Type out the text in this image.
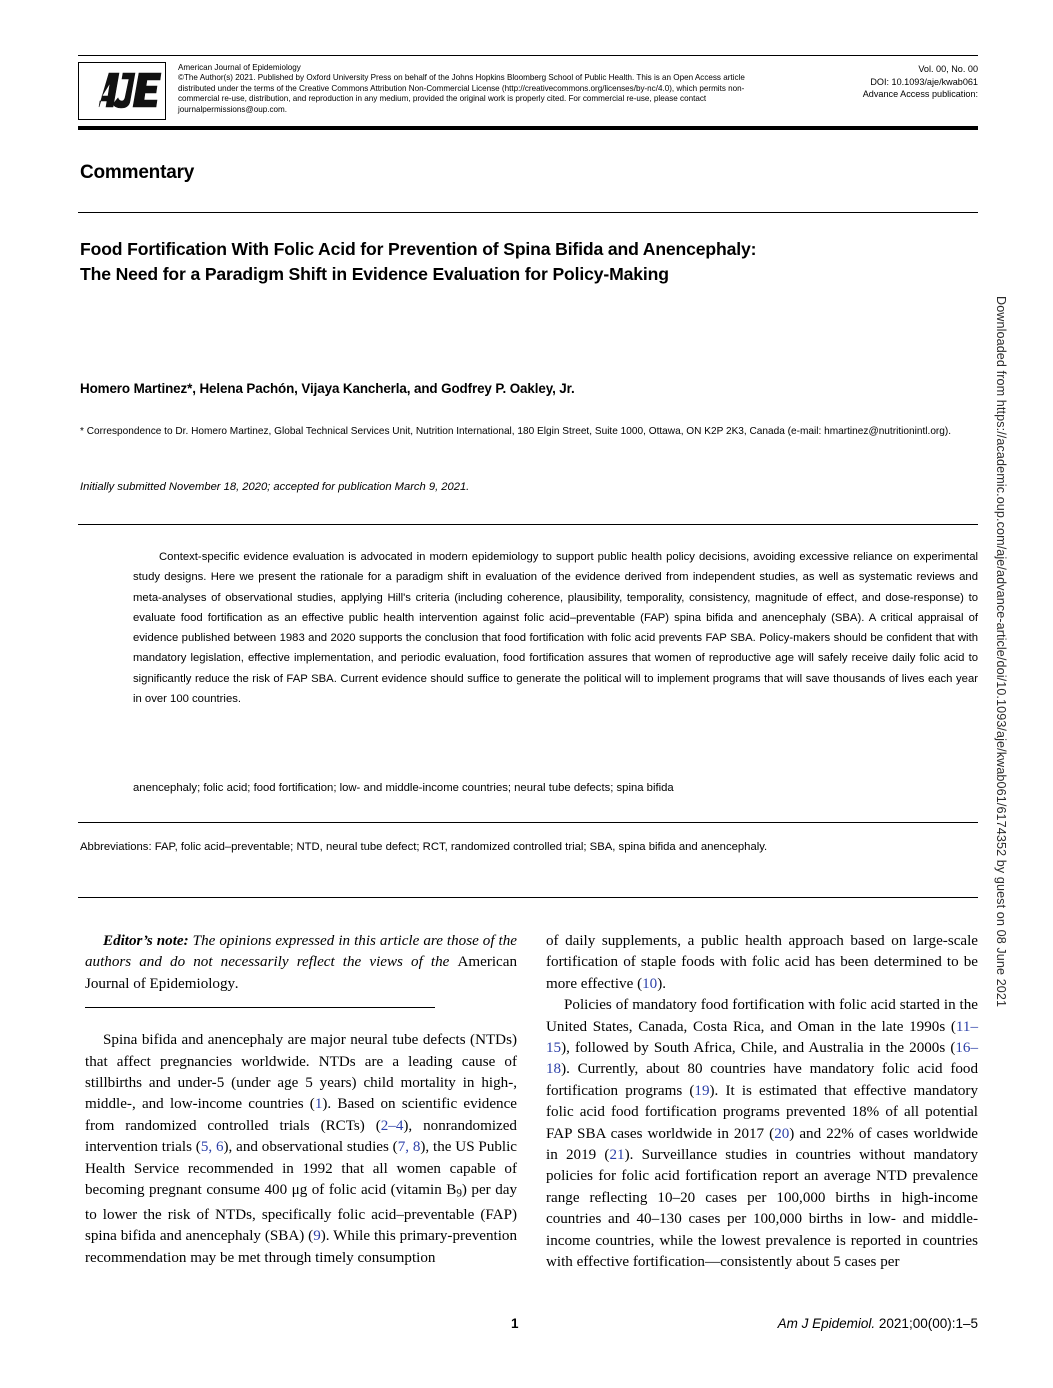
American Journal of Epidemiology
©The Author(s) 2021. Published by Oxford University Press on behalf of the Johns Hopkins Bloomberg School of Public Health. This is an Open Access article distributed under the terms of the Creative Commons Attribution Non-Commercial License (http://creativecommons.org/licenses/by-nc/4.0), which permits non-commercial re-use, distribution, and reproduction in any medium, provided the original work is properly cited. For commercial re-use, please contact journalpermissions@oup.com.
Vol. 00, No. 00
DOI: 10.1093/aje/kwab061
Advance Access publication:
Commentary
Food Fortification With Folic Acid for Prevention of Spina Bifida and Anencephaly: The Need for a Paradigm Shift in Evidence Evaluation for Policy-Making
Homero Martinez*, Helena Pachón, Vijaya Kancherla, and Godfrey P. Oakley, Jr.
* Correspondence to Dr. Homero Martinez, Global Technical Services Unit, Nutrition International, 180 Elgin Street, Suite 1000, Ottawa, ON K2P 2K3, Canada (e-mail: hmartinez@nutritionintl.org).
Initially submitted November 18, 2020; accepted for publication March 9, 2021.

Context-specific evidence evaluation is advocated in modern epidemiology to support public health policy decisions, avoiding excessive reliance on experimental study designs. Here we present the rationale for a paradigm shift in evaluation of the evidence derived from independent studies, as well as systematic reviews and meta-analyses of observational studies, applying Hill's criteria (including coherence, plausibility, temporality, consistency, magnitude of effect, and dose-response) to evaluate food fortification as an effective public health intervention against folic acid–preventable (FAP) spina bifida and anencephaly (SBA). A critical appraisal of evidence published between 1983 and 2020 supports the conclusion that food fortification with folic acid prevents FAP SBA. Policy-makers should be confident that with mandatory legislation, effective implementation, and periodic evaluation, food fortification assures that women of reproductive age will safely receive daily folic acid to significantly reduce the risk of FAP SBA. Current evidence should suffice to generate the political will to implement programs that will save thousands of lives each year in over 100 countries.

anencephaly; folic acid; food fortification; low- and middle-income countries; neural tube defects; spina bifida
Abbreviations: FAP, folic acid–preventable; NTD, neural tube defect; RCT, randomized controlled trial; SBA, spina bifida and anencephaly.

Editor’s note: The opinions expressed in this article are those of the authors and do not necessarily reflect the views of the American Journal of Epidemiology.

Spina bifida and anencephaly are major neural tube defects (NTDs) that affect pregnancies worldwide. NTDs are a leading cause of stillbirths and under-5 (under age 5 years) child mortality in high-, middle-, and low-income countries (1). Based on scientific evidence from randomized controlled trials (RCTs) (2–4), nonrandomized intervention trials (5, 6), and observational studies (7, 8), the US Public Health Service recommended in 1992 that all women capable of becoming pregnant consume 400 μg of folic acid (vitamin $B_9$) per day to lower the risk of NTDs, specifically folic acid–preventable (FAP) spina bifida and anencephaly (SBA) (9). While this primary-prevention recommendation may be met through timely consumption

of daily supplements, a public health approach based on large-scale fortification of staple foods with folic acid has been determined to be more effective (10).

Policies of mandatory food fortification with folic acid started in the United States, Canada, Costa Rica, and Oman in the late 1990s (11–15), followed by South Africa, Chile, and Australia in the 2000s (16–18). Currently, about 80 countries have mandatory folic acid food fortification programs (19). It is estimated that effective mandatory folic acid food fortification programs prevented 18% of all potential FAP SBA cases worldwide in 2017 (20) and 22% of cases worldwide in 2019 (21). Surveillance studies in countries without mandatory policies for folic acid fortification report an average NTD prevalence range reflecting 10–20 cases per 100,000 births in high-income countries and 40–130 cases per 100,000 births in low- and middle-income countries, while the lowest prevalence is reported in countries with effective fortification—consistently about 5 cases per

1	Am J Epidemiol. 2021;00(00):1–5
Downloaded from https://academic.oup.com/aje/advance-article/doi/10.1093/aje/kwab061/6174352 by guest on 08 June 2021
